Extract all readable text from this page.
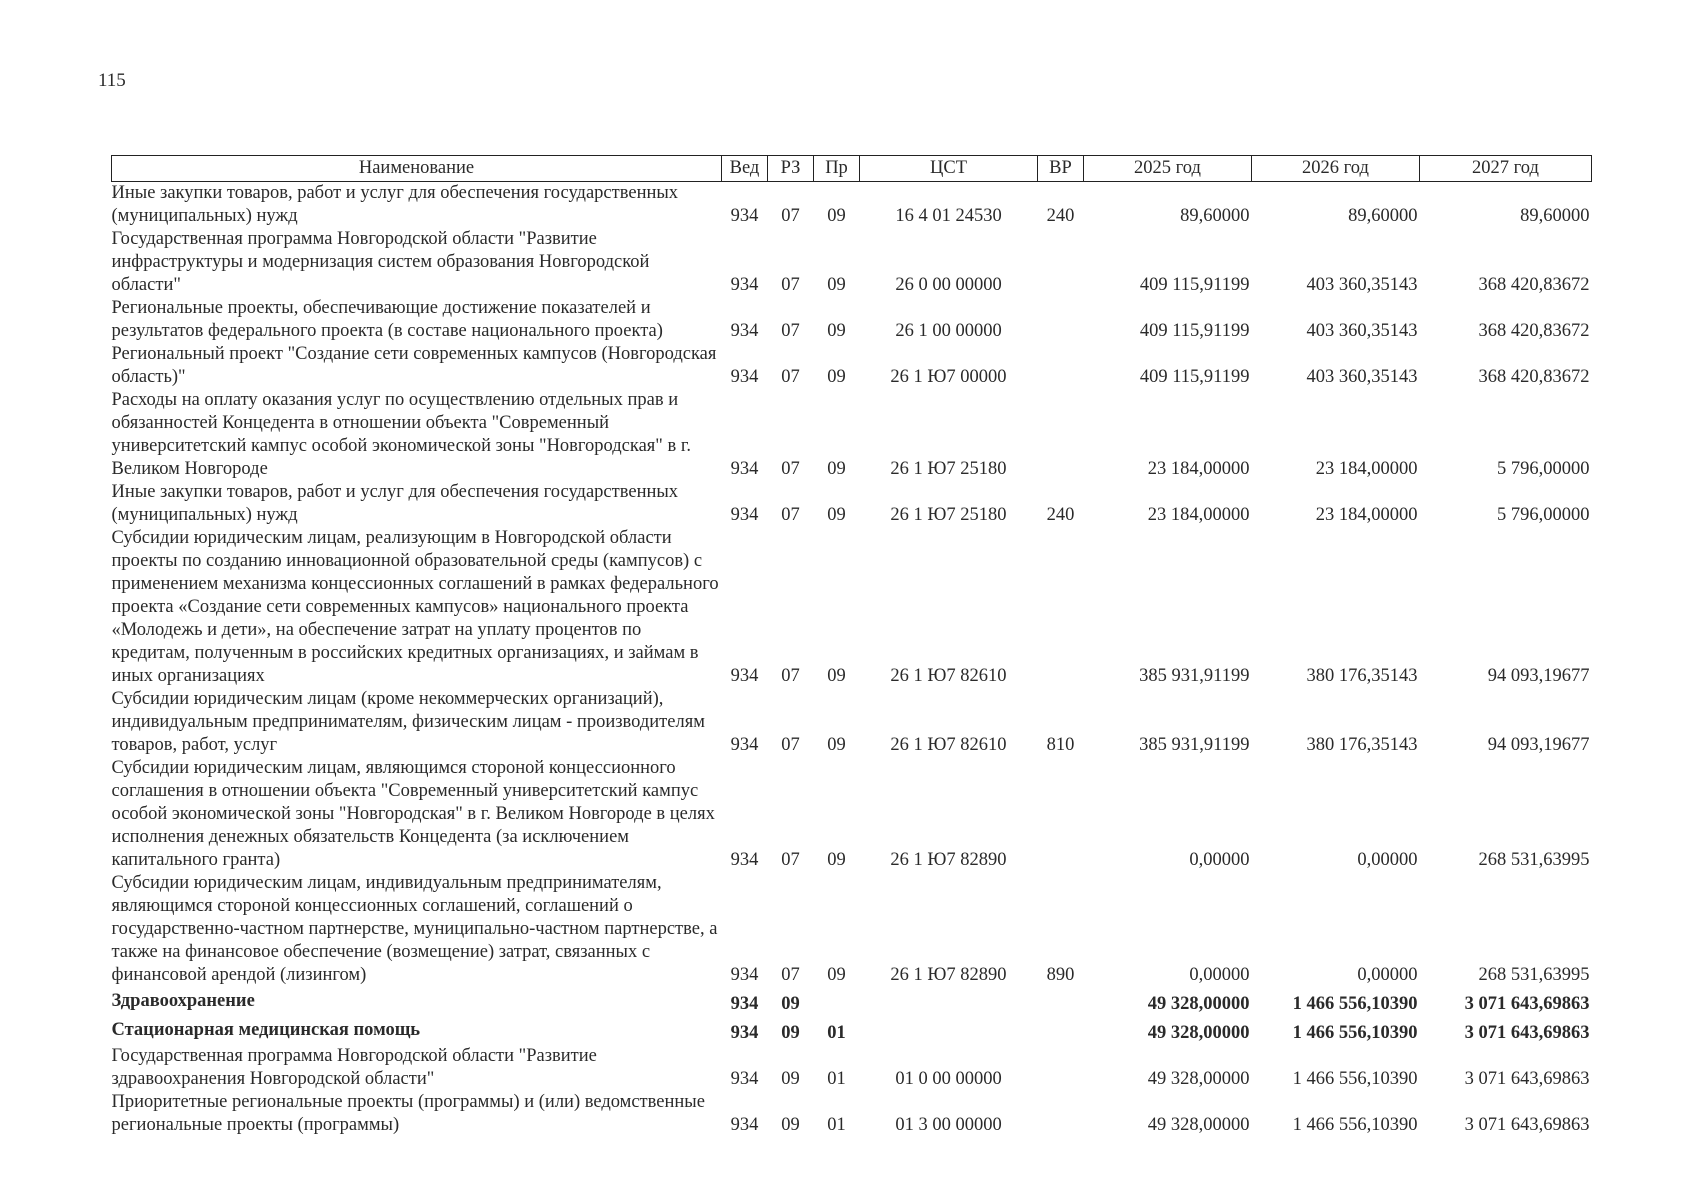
115
Наименование	Вед	РЗ	Пр	ЦСТ	ВР	2025 год	2026 год	2027 год
Иные закупки товаров, работ и услуг для обеспечения государственных (муниципальных) нужд	934	07	09	16 4 01 24530	240	89,60000	89,60000	89,60000
Государственная программа Новгородской области "Развитие инфраструктуры и модернизация систем образования Новгородской области"	934	07	09	26 0 00 00000		409 115,91199	403 360,35143	368 420,83672
Региональные проекты, обеспечивающие достижение показателей и результатов федерального проекта (в составе национального проекта)	934	07	09	26 1 00 00000		409 115,91199	403 360,35143	368 420,83672
Региональный проект "Создание сети современных кампусов (Новгородская область)"	934	07	09	26 1 Ю7 00000		409 115,91199	403 360,35143	368 420,83672
Расходы на оплату оказания услуг по осуществлению отдельных прав и обязанностей Концедента в отношении объекта "Современный университетский кампус особой экономической зоны "Новгородская" в г. Великом Новгороде	934	07	09	26 1 Ю7 25180		23 184,00000	23 184,00000	5 796,00000
Иные закупки товаров, работ и услуг для обеспечения государственных (муниципальных) нужд	934	07	09	26 1 Ю7 25180	240	23 184,00000	23 184,00000	5 796,00000
Субсидии юридическим лицам, реализующим в Новгородской области проекты по созданию инновационной образовательной среды (кампусов) с применением механизма концессионных соглашений в рамках федерального проекта «Создание сети современных кампусов» национального проекта «Молодежь и дети», на обеспечение затрат на уплату процентов по кредитам, полученным в российских кредитных организациях, и займам в иных организациях	934	07	09	26 1 Ю7 82610		385 931,91199	380 176,35143	94 093,19677
Субсидии юридическим лицам (кроме некоммерческих организаций), индивидуальным предпринимателям, физическим лицам - производителям товаров, работ, услуг	934	07	09	26 1 Ю7 82610	810	385 931,91199	380 176,35143	94 093,19677
Субсидии юридическим лицам, являющимся стороной концессионного соглашения в отношении объекта "Современный университетский кампус особой экономической зоны "Новгородская" в г. Великом Новгороде в целях исполнения денежных обязательств Концедента (за исключением капитального гранта)	934	07	09	26 1 Ю7 82890		0,00000	0,00000	268 531,63995
Субсидии юридическим лицам, индивидуальным предпринимателям, являющимся стороной концессионных соглашений, соглашений о государственно-частном партнерстве, муниципально-частном партнерстве, а также на финансовое обеспечение (возмещение) затрат, связанных с финансовой арендой (лизингом)	934	07	09	26 1 Ю7 82890	890	0,00000	0,00000	268 531,63995
Здравоохранение	934	09				49 328,00000	1 466 556,10390	3 071 643,69863
Стационарная медицинская помощь	934	09	01			49 328,00000	1 466 556,10390	3 071 643,69863
Государственная программа Новгородской области "Развитие здравоохранения Новгородской области"	934	09	01	01 0 00 00000		49 328,00000	1 466 556,10390	3 071 643,69863
Приоритетные региональные проекты (программы) и (или) ведомственные региональные проекты (программы)	934	09	01	01 3 00 00000		49 328,00000	1 466 556,10390	3 071 643,69863
